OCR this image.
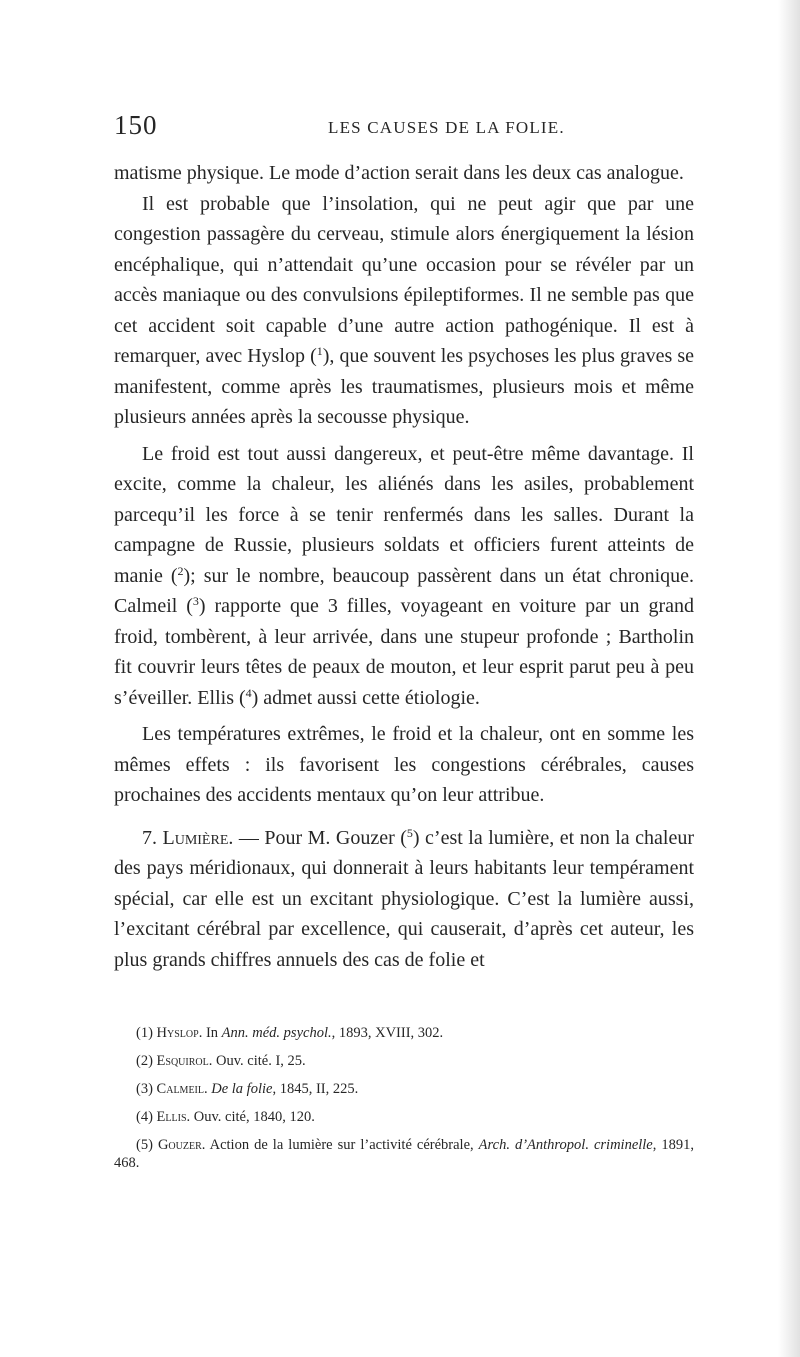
150	LES CAUSES DE LA FOLIE.

matisme physique. Le mode d’action serait dans les deux cas analogue.

Il est probable que l’insolation, qui ne peut agir que par une congestion passagère du cerveau, stimule alors énergiquement la lésion encéphalique, qui n’attendait qu’une occasion pour se révéler par un accès maniaque ou des convulsions épileptiformes. Il ne semble pas que cet accident soit capable d’une autre action pathogénique. Il est à remarquer, avec Hyslop ($^1$), que souvent les psychoses les plus graves se manifestent, comme après les traumatismes, plusieurs mois et même plusieurs années après la secousse physique.

Le froid est tout aussi dangereux, et peut-être même davantage. Il excite, comme la chaleur, les aliénés dans les asiles, probablement parcequ’il les force à se tenir renfermés dans les salles. Durant la campagne de Russie, plusieurs soldats et officiers furent atteints de manie ($^2$); sur le nombre, beaucoup passèrent dans un état chronique. Calmeil ($^3$) rapporte que 3 filles, voyageant en voiture par un grand froid, tombèrent, à leur arrivée, dans une stupeur profonde ; Bartholin fit couvrir leurs têtes de peaux de mouton, et leur esprit parut peu à peu s’éveiller. Ellis ($^4$) admet aussi cette étiologie.

Les températures extrêmes, le froid et la chaleur, ont en somme les mêmes effets : ils favorisent les congestions cérébrales, causes prochaines des accidents mentaux qu’on leur attribue.

7. Lumière. — Pour M. Gouzer ($^5$) c’est la lumière, et non la chaleur des pays méridionaux, qui donnerait à leurs habitants leur tempérament spécial, car elle est un excitant physiologique. C’est la lumière aussi, l’excitant cérébral par excellence, qui causerait, d’après cet auteur, les plus grands chiffres annuels des cas de folie et

(1) Hyslop. In Ann. méd. psychol., 1893, XVIII, 302.

(2) Esquirol. Ouv. cité. I, 25.

(3) Calmeil. De la folie, 1845, II, 225.

(4) Ellis. Ouv. cité, 1840, 120.

(5) Gouzer. Action de la lumière sur l’activité cérébrale, Arch. d’Anthropol. criminelle, 1891, 468.
